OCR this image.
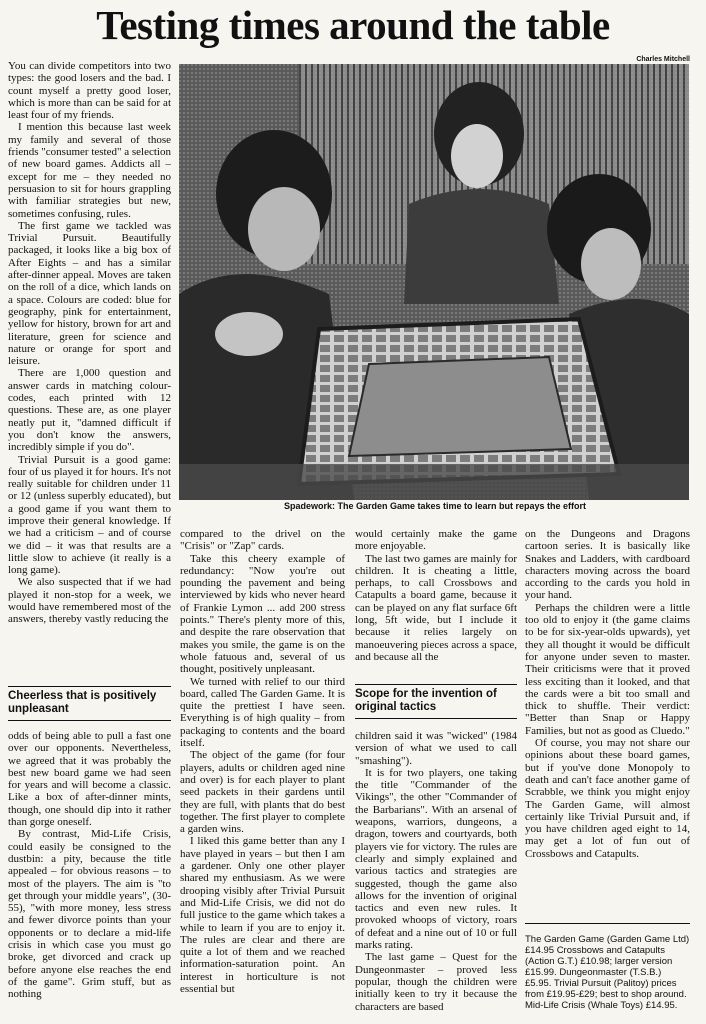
Testing times around the table
Charles Mitchell

You can divide competitors into two types: the good losers and the bad. I count myself a pretty good loser, which is more than can be said for at least four of my friends.

I mention this because last week my family and several of those friends "consumer tested" a selection of new board games. Addicts all – except for me – they needed no persuasion to sit for hours grappling with familiar strategies but new, sometimes confusing, rules.

The first game we tackled was Trivial Pursuit. Beautifully packaged, it looks like a big box of After Eights – and has a similar after-dinner appeal. Moves are taken on the roll of a dice, which lands on a space. Colours are coded: blue for geography, pink for entertainment, yellow for history, brown for art and literature, green for science and nature or orange for sport and leisure.

There are 1,000 question and answer cards in matching colour-codes, each printed with 12 questions. These are, as one player neatly put it, "damned difficult if you don't know the answers, incredibly simple if you do".

Trivial Pursuit is a good game: four of us played it for hours. It's not really suitable for children under 11 or 12 (unless superbly educated), but a good game if you want them to improve their general knowledge. If we had a criticism – and of course we did – it was that results are a little slow to achieve (it really is a long game).

We also suspected that if we had played it non-stop for a week, we would have remembered most of the answers, thereby vastly reducing the

Cheerless that is positively unpleasant

odds of being able to pull a fast one over our opponents. Nevertheless, we agreed that it was probably the best new board game we had seen for years and will become a classic. Like a box of after-dinner mints, though, one should dip into it rather than gorge oneself.

By contrast, Mid-Life Crisis, could easily be consigned to the dustbin: a pity, because the title appealed – for obvious reasons – to most of the players. The aim is "to get through your middle years", (30-55), "with more money, less stress and fewer divorce points than your opponents or to declare a mid-life crisis in which case you must go broke, get divorced and crack up before anyone else reaches the end of the game". Grim stuff, but as nothing

Spadework: The Garden Game takes time to learn but repays the effort

compared to the drivel on the "Crisis" or "Zap" cards.

Take this cheery example of redundancy: "Now you're out pounding the pavement and being interviewed by kids who never heard of Frankie Lymon ... add 200 stress points." There's plenty more of this, and despite the rare observation that makes you smile, the game is on the whole fatuous and, several of us thought, positively unpleasant.

We turned with relief to our third board, called The Garden Game. It is quite the prettiest I have seen. Everything is of high quality – from packaging to contents and the board itself.

The object of the game (for four players, adults or children aged nine and over) is for each player to plant seed packets in their gardens until they are full, with plants that do best together. The first player to complete a garden wins.

I liked this game better than any I have played in years – but then I am a gardener. Only one other player shared my enthusiasm. As we were drooping visibly after Trivial Pursuit and Mid-Life Crisis, we did not do full justice to the game which takes a while to learn if you are to enjoy it. The rules are clear and there are quite a lot of them and we reached information-saturation point. An interest in horticulture is not essential but

would certainly make the game more enjoyable.

The last two games are mainly for children. It is cheating a little, perhaps, to call Crossbows and Catapults a board game, because it can be played on any flat surface 6ft long, 5ft wide, but I include it because it relies largely on manoeuvering pieces across a space, and because all the

Scope for the invention of original tactics

children said it was "wicked" (1984 version of what we used to call "smashing").

It is for two players, one taking the title "Commander of the Vikings", the other "Commander of the Barbarians". With an arsenal of weapons, warriors, dungeons, a dragon, towers and courtyards, both players vie for victory. The rules are clearly and simply explained and various tactics and strategies are suggested, though the game also allows for the invention of original tactics and even new rules. It provoked whoops of victory, roars of defeat and a nine out of 10 or full marks rating.

The last game – Quest for the Dungeonmaster – proved less popular, though the children were initially keen to try it because the characters are based

on the Dungeons and Dragons cartoon series. It is basically like Snakes and Ladders, with cardboard characters moving across the board according to the cards you hold in your hand.

Perhaps the children were a little too old to enjoy it (the game claims to be for six-year-olds upwards), yet they all thought it would be difficult for anyone under seven to master. Their criticisms were that it proved less exciting than it looked, and that the cards were a bit too small and thick to shuffle. Their verdict: "Better than Snap or Happy Families, but not as good as Cluedo."

Of course, you may not share our opinions about these board games, but if you've done Monopoly to death and can't face another game of Scrabble, we think you might enjoy The Garden Game, will almost certainly like Trivial Pursuit and, if you have children aged eight to 14, may get a lot of fun out of Crossbows and Catapults.

The Garden Game (Garden Game Ltd) £14.95 Crossbows and Catapults (Action G.T.) £10.98; larger version £15.99. Dungeonmaster (T.S.B.) £5.95. Trivial Pursuit (Palitoy) prices from £19.95-£29; best to shop around. Mid-Life Crisis (Whale Toys) £14.95.
